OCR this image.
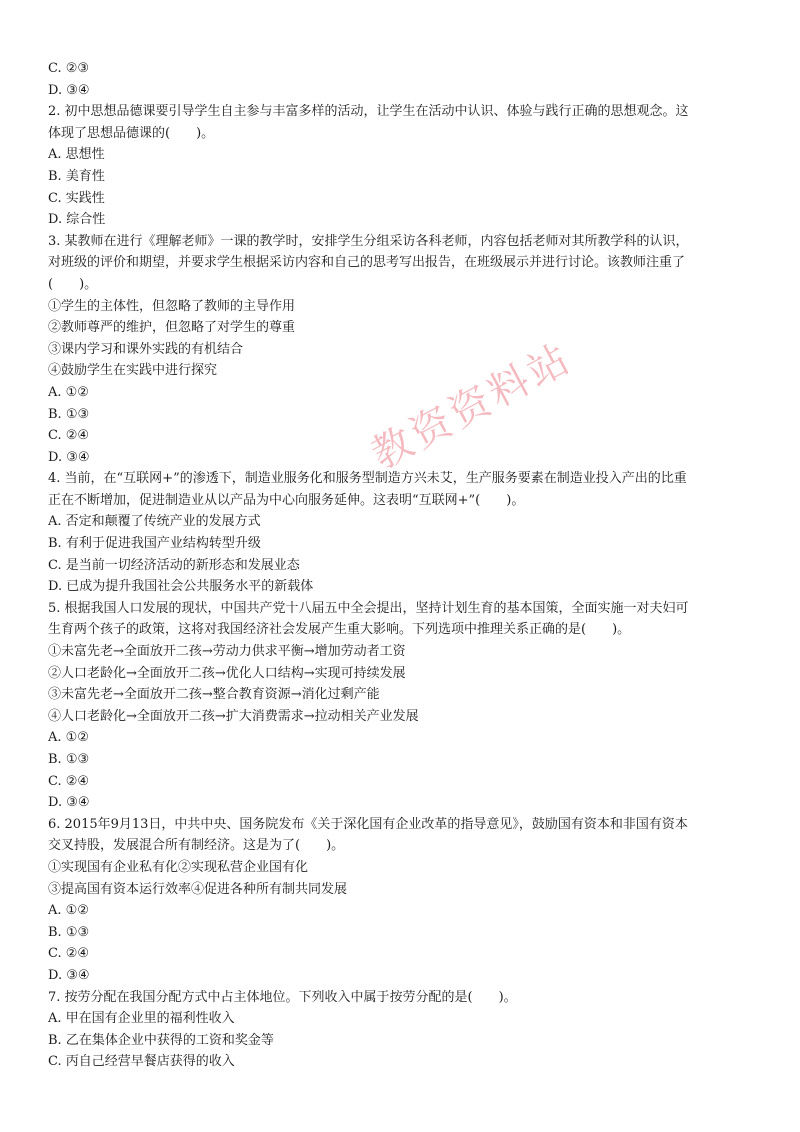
C. ②③
D. ③④
2. 初中思想品德课要引导学生自主参与丰富多样的活动，让学生在活动中认识、体验与践行正确的思想观念。这
体现了思想品德课的(　　)。
A. 思想性
B. 美育性
C. 实践性
D. 综合性
3. 某教师在进行《理解老师》一课的教学时，安排学生分组采访各科老师，内容包括老师对其所教学科的认识，
对班级的评价和期望，并要求学生根据采访内容和自己的思考写出报告，在班级展示并进行讨论。该教师注重了
(　　)。
①学生的主体性，但忽略了教师的主导作用
②教师尊严的维护，但忽略了对学生的尊重
③课内学习和课外实践的有机结合
④鼓励学生在实践中进行探究
A. ①②
B. ①③
C. ②④
D. ③④
4. 当前，在“互联网+”的渗透下，制造业服务化和服务型制造方兴未艾，生产服务要素在制造业投入产出的比重
正在不断增加，促进制造业从以产品为中心向服务延伸。这表明“互联网+”(　　)。
A. 否定和颠覆了传统产业的发展方式
B. 有利于促进我国产业结构转型升级
C. 是当前一切经济活动的新形态和发展业态
D. 已成为提升我国社会公共服务水平的新载体
5. 根据我国人口发展的现状，中国共产党十八届五中全会提出，坚持计划生育的基本国策，全面实施一对夫妇可
生育两个孩子的政策，这将对我国经济社会发展产生重大影响。下列选项中推理关系正确的是(　　)。
①未富先老→全面放开二孩→劳动力供求平衡→增加劳动者工资
②人口老龄化→全面放开二孩→优化人口结构→实现可持续发展
③未富先老→全面放开二孩→整合教育资源→消化过剩产能
④人口老龄化→全面放开二孩→扩大消费需求→拉动相关产业发展
A. ①②
B. ①③
C. ②④
D. ③④
6. 2015年9月13日，中共中央、国务院发布《关于深化国有企业改革的指导意见》，鼓励国有资本和非国有资本
交叉持股，发展混合所有制经济。这是为了(　　)。
①实现国有企业私有化②实现私营企业国有化
③提高国有资本运行效率④促进各种所有制共同发展
A. ①②
B. ①③
C. ②④
D. ③④
7. 按劳分配在我国分配方式中占主体地位。下列收入中属于按劳分配的是(　　)。
A. 甲在国有企业里的福利性收入
B. 乙在集体企业中获得的工资和奖金等
C. 丙自己经营早餐店获得的收入
教资资料站
